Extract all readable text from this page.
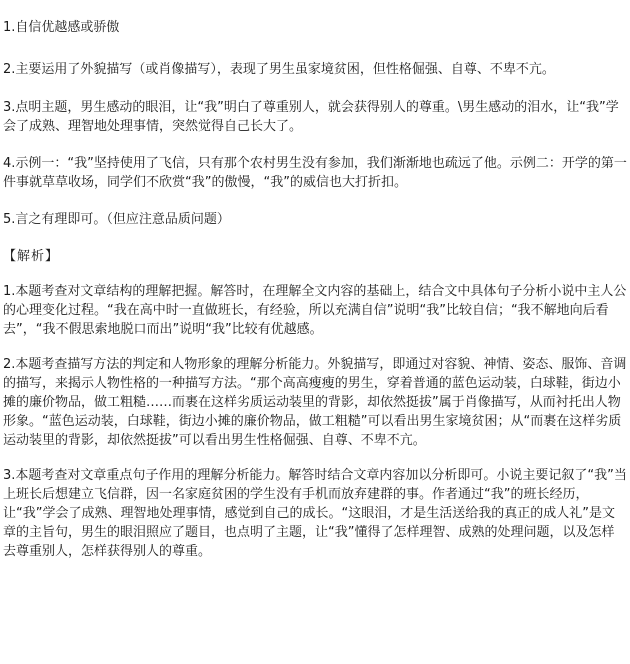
1.自信优越感或骄傲

2.主要运用了外貌描写（或肖像描写），表现了男生虽家境贫困，但性格倔强、自尊、不卑不亢。

3.点明主题，男生感动的眼泪，让“我”明白了尊重别人，就会获得别人的尊重。\男生感动的泪水，让“我”学会了成熟、理智地处理事情，突然觉得自己长大了。

4.示例一：“我”坚持使用了飞信，只有那个农村男生没有参加，我们渐渐地也疏远了他。示例二：开学的第一件事就草草收场，同学们不欣赏“我”的傲慢，“我”的威信也大打折扣。

5.言之有理即可。（但应注意品质问题）

【解析】

1.本题考查对文章结构的理解把握。解答时，在理解全文内容的基础上，结合文中具体句子分析小说中主人公的心理变化过程。“我在高中时一直做班长，有经验，所以充满自信”说明“我”比较自信；“我不解地向后看去”，“我不假思索地脱口而出”说明“我”比较有优越感。

2.本题考查描写方法的判定和人物形象的理解分析能力。外貌描写，即通过对容貌、神情、姿态、服饰、音调的描写，来揭示人物性格的一种描写方法。“那个高高瘦瘦的男生，穿着普通的蓝色运动装，白球鞋，街边小摊的廉价物品，做工粗糙……而裹在这样劣质运动装里的背影，却依然挺拔”属于肖像描写，从而衬托出人物形象。“蓝色运动装，白球鞋，街边小摊的廉价物品，做工粗糙”可以看出男生家境贫困；从“而裹在这样劣质运动装里的背影，却依然挺拔”可以看出男生性格倔强、自尊、不卑不亢。

3.本题考查对文章重点句子作用的理解分析能力。解答时结合文章内容加以分析即可。小说主要记叙了“我”当上班长后想建立飞信群，因一名家庭贫困的学生没有手机而放弃建群的事。作者通过“我”的班长经历，让“我”学会了成熟、理智地处理事情，感觉到自己的成长。“这眼泪，才是生活送给我的真正的成人礼”是文章的主旨句，男生的眼泪照应了题目，也点明了主题，让“我”懂得了怎样理智、成熟的处理问题，以及怎样去尊重别人，怎样获得别人的尊重。
